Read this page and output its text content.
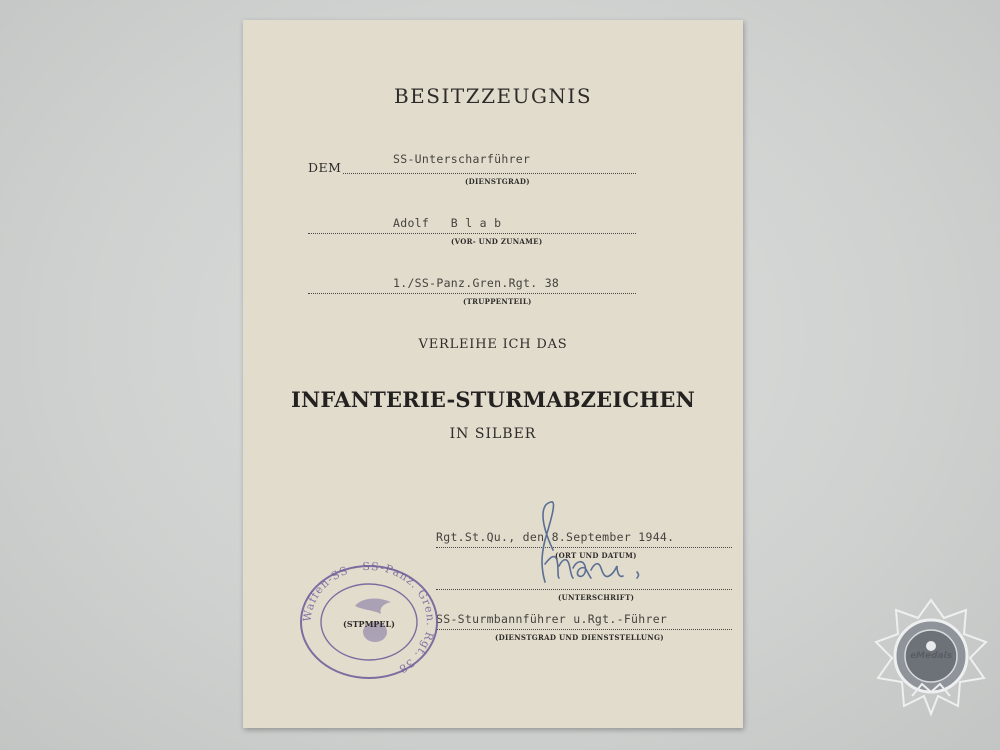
BESITZZEUGNIS
DEM
SS-Unterscharführer
(DIENSTGRAD)
Adolf   B l a b
(VOR- UND ZUNAME)
1./SS-Panz.Gren.Rgt. 38
(TRUPPENTEIL)
VERLEIHE ICH DAS
INFANTERIE-STURMABZEICHEN
IN SILBER
Rgt.St.Qu., den 8.September 1944.
(ORT UND DATUM)
(UNTERSCHRIFT)
SS-Sturmbannführer u.Rgt.-Führer
(DIENSTGRAD UND DIENSTSTELLUNG)
Waffen-SS · SS-Panz. Gren. Rgt. 38
(STPMPEL)
eMedals
